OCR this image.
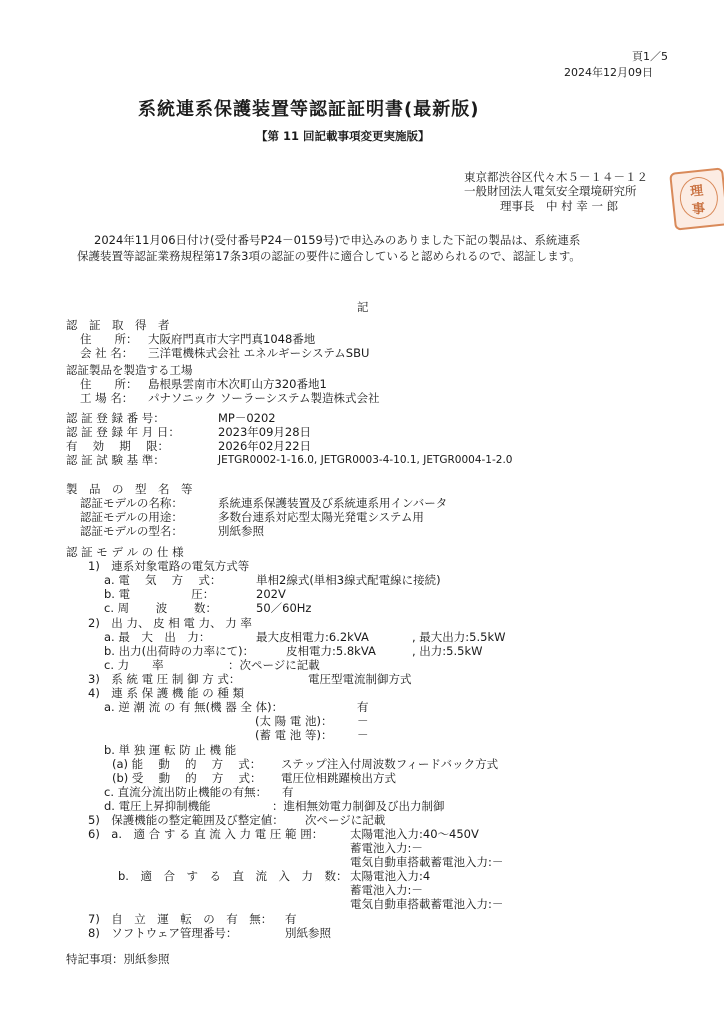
頁1／5
2024年12月09日
系統連系保護装置等認証証明書(最新版)
【第 11 回記載事項変更実施版】
東京都渋谷区代々木５－１４－１２
一般財団法人電気安全環境研究所
理事長　中 村 幸 一 郎
理
事
2024年11月06日付け(受付番号P24－0159号)で申込みのありました下記の製品は、系統連系
保護装置等認証業務規程第17条3項の認証の要件に適合していると認められるので、認証します。
記
認　証　取　得　者
住　　所： 大阪府門真市大字門真1048番地
会 社 名： 三洋電機株式会社 エネルギーシステムSBU
認証製品を製造する工場
住　　所： 島根県雲南市木次町山方320番地1
工 場 名： パナソニック ソーラーシステム製造株式会社
認 証 登 録 番 号：	MP－0202
認 証 登 録 年 月 日：	2023年09月28日
有　 効　 期　 限：	2026年02月22日
認 証 試 験 基 準：	JETGR0002-1-16.0, JETGR0003-4-10.1, JETGR0004-1-2.0
製　品　の　型　名　等
認証モデルの名称：	系統連系保護装置及び系統連系用インバータ
認証モデルの用途：	多数台連系対応型太陽光発電システム用
認証モデルの型名：	別紙参照
認 証 モ デ ル の 仕 様
1)　連系対象電路の電気方式等
a. 電　 気　 方　 式：	単相2線式(単相3線式配電線に接続)
b. 電　　　　　 圧：	202V
c. 周　　 波　　 数：	50／60Hz
2)　出 力、 皮 相 電 力、 力 率
a. 最　大　出　力：	最大皮相電力:6.2kVA	, 最大出力:5.5kW
b. 出力(出荷時の力率にて)：	皮相電力:5.8kVA	, 出力:5.5kW
c. 力　　率	：次ページに記載
3)　系 統 電 圧 制 御 方 式：	電圧型電流制御方式
4)　連 系 保 護 機 能 の 種 類
a. 逆 潮 流 の 有 無(機 器 全 体)：	有
(太 陽 電 池)： －
(蓄 電 池 等)： －
b. 単 独 運 転 防 止 機 能
(a) 能　 動　 的　 方　 式： ステップ注入付周波数フィードバック方式
(b) 受　 動　 的　 方　 式： 電圧位相跳躍検出方式
c. 直流分流出防止機能の有無： 有
d. 電圧上昇抑制機能	：進相無効電力制御及び出力制御
5)　保護機能の整定範囲及び整定値： 次ページに記載
6)　a.　適 合 す る 直 流 入 力 電 圧 範 囲： 太陽電池入力:40～450V
蓄電池入力:－
電気自動車搭載蓄電池入力:－
b.　適　合　す　る　直　流　入　力　数： 太陽電池入力:4
蓄電池入力:－
電気自動車搭載蓄電池入力:－
7)　自　立　運　転　の　有　無： 有
8)　ソフトウェア管理番号：	別紙参照
特記事項：別紙参照
